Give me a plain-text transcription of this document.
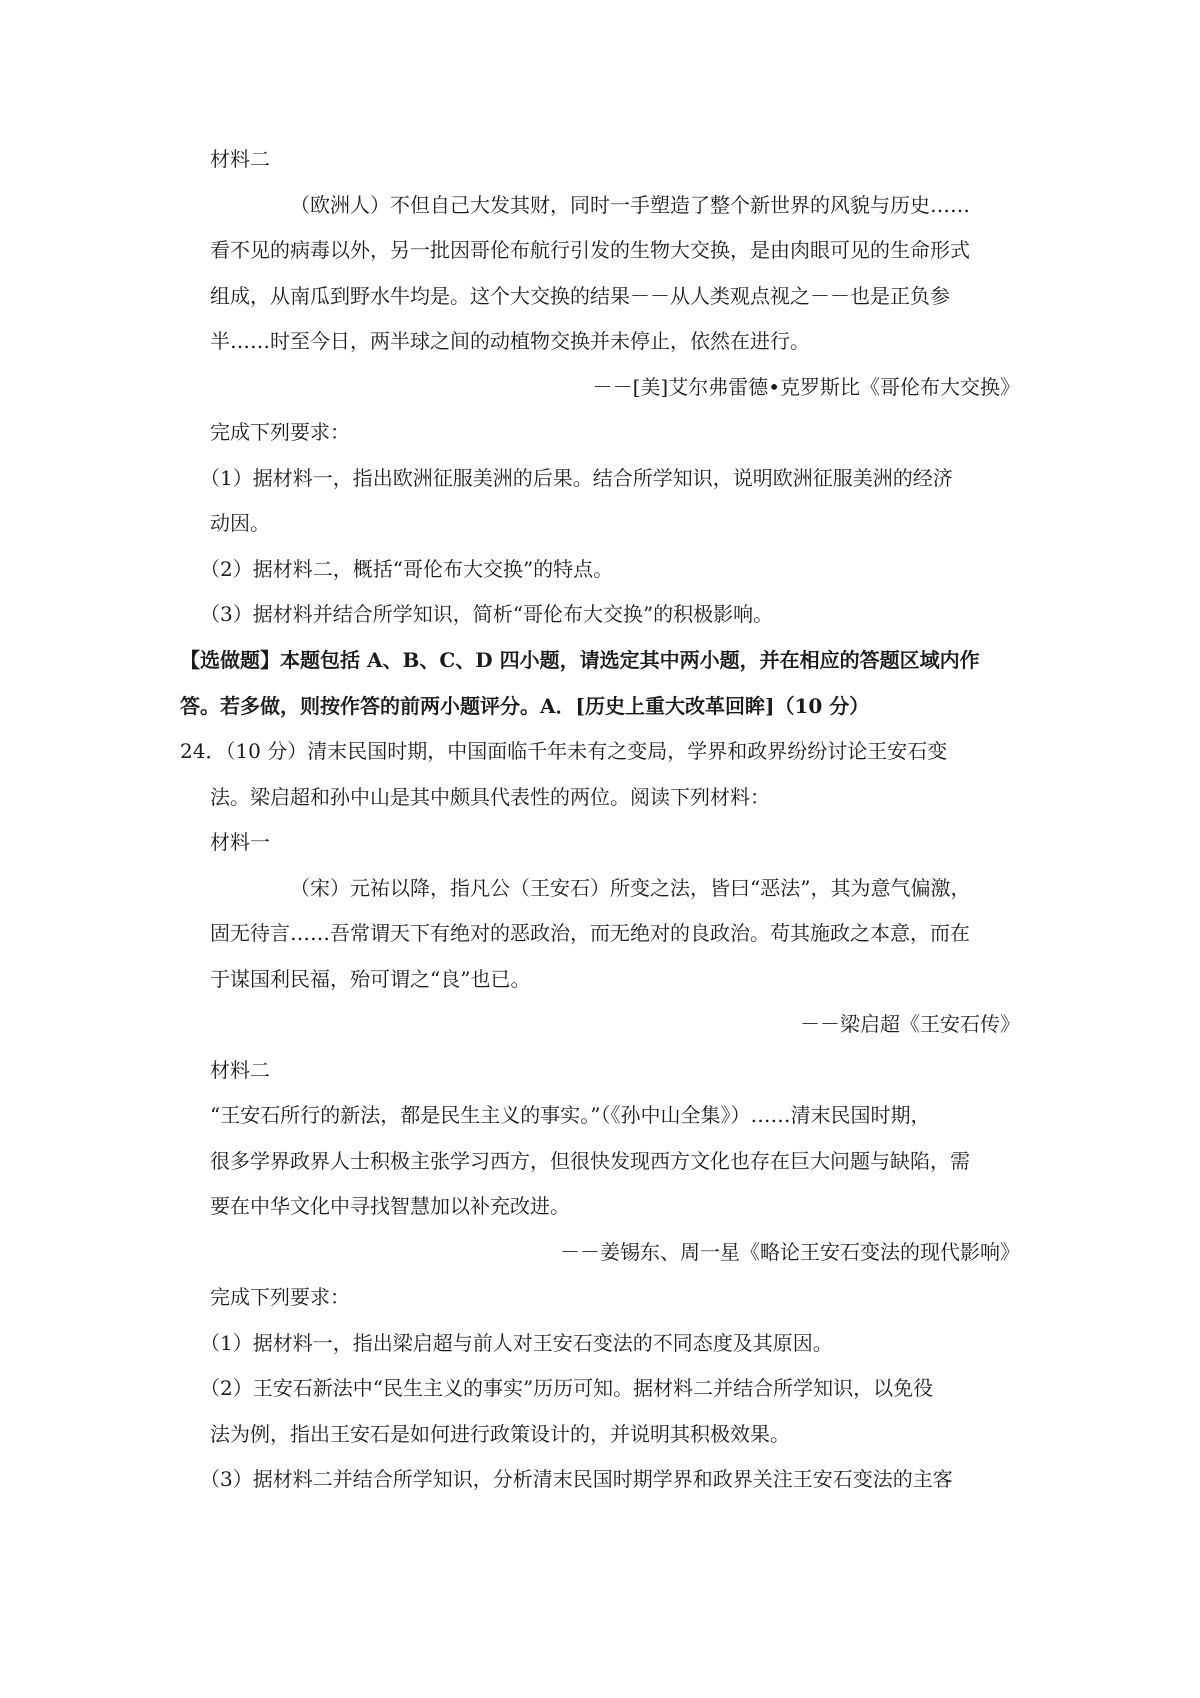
材料二
（欧洲人）不但自己大发其财，同时一手塑造了整个新世界的风貌与历史……
看不见的病毒以外，另一批因哥伦布航行引发的生物大交换，是由肉眼可见的生命形式
组成，从南瓜到野水牛均是。这个大交换的结果－－从人类观点视之－－也是正负参
半……时至今日，两半球之间的动植物交换并未停止，依然在进行。
－－[美]艾尔弗雷德•克罗斯比《哥伦布大交换》
完成下列要求：
（1）据材料一，指出欧洲征服美洲的后果。结合所学知识，说明欧洲征服美洲的经济
动因。
（2）据材料二，概括“哥伦布大交换”的特点。
（3）据材料并结合所学知识，简析“哥伦布大交换”的积极影响。
【选做题】本题包括 A、B、C、D 四小题，请选定其中两小题，并在相应的答题区域内作
答。若多做，则按作答的前两小题评分。A．[历史上重大改革回眸]（10 分）
24．（10 分）清末民国时期，中国面临千年未有之变局，学界和政界纷纷讨论王安石变
法。梁启超和孙中山是其中颇具代表性的两位。阅读下列材料：
材料一
（宋）元祐以降，指凡公（王安石）所变之法，皆曰“恶法”，其为意气偏激，
固无待言……吾常谓天下有绝对的恶政治，而无绝对的良政治。苟其施政之本意，而在
于谋国利民福，殆可谓之“良”也已。
－－梁启超《王安石传》
材料二
“王安石所行的新法，都是民生主义的事实。”（《孙中山全集》）……清末民国时期，
很多学界政界人士积极主张学习西方，但很快发现西方文化也存在巨大问题与缺陷，需
要在中华文化中寻找智慧加以补充改进。
－－姜锡东、周一星《略论王安石变法的现代影响》
完成下列要求：
（1）据材料一，指出梁启超与前人对王安石变法的不同态度及其原因。
（2）王安石新法中“民生主义的事实”历历可知。据材料二并结合所学知识，以免役
法为例，指出王安石是如何进行政策设计的，并说明其积极效果。
（3）据材料二并结合所学知识，分析清末民国时期学界和政界关注王安石变法的主客
